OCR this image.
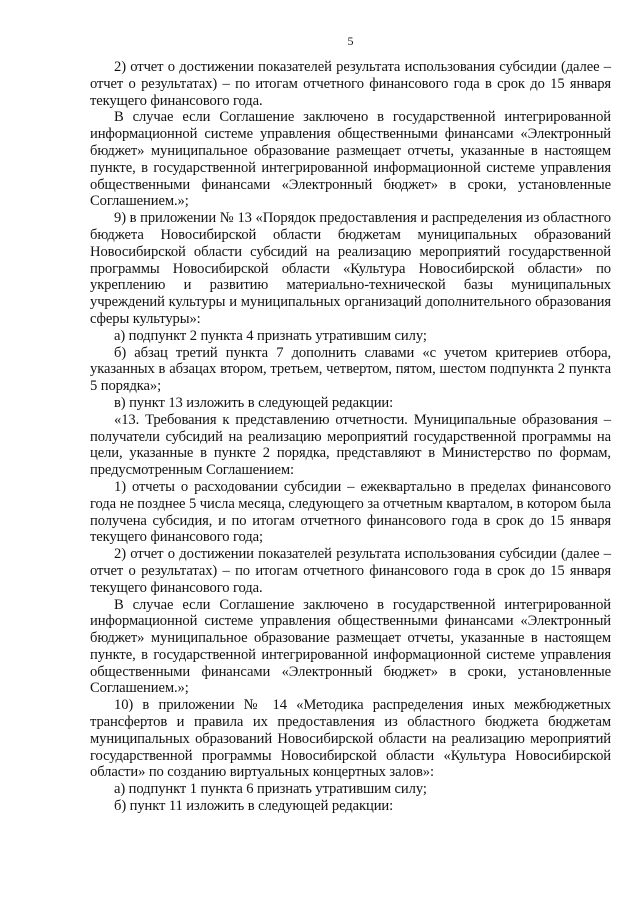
5

2) отчет о достижении показателей результата использования субсидии (далее – отчет о результатах) – по итогам отчетного финансового года в срок до 15 января текущего финансового года.

В случае если Соглашение заключено в государственной интегрированной информационной системе управления общественными финансами «Электронный бюджет» муниципальное образование размещает отчеты, указанные в настоящем пункте, в государственной интегрированной информационной системе управления общественными финансами «Электронный бюджет» в сроки, установленные Соглашением.»;

9) в приложении № 13 «Порядок предоставления и распределения из областного бюджета Новосибирской области бюджетам муниципальных образований Новосибирской области субсидий на реализацию мероприятий государственной программы Новосибирской области «Культура Новосибирской области» по укреплению и развитию материально-технической базы муниципальных учреждений культуры и муниципальных организаций дополнительного образования сферы культуры»:

а) подпункт 2 пункта 4 признать утратившим силу;

б) абзац третий пункта 7 дополнить славами «с учетом критериев отбора, указанных в абзацах втором, третьем, четвертом, пятом, шестом подпункта 2 пункта 5 порядка»;

в) пункт 13 изложить в следующей редакции:

«13. Требования к представлению отчетности. Муниципальные образования – получатели субсидий на реализацию мероприятий государственной программы на цели, указанные в пункте 2 порядка, представляют в Министерство по формам, предусмотренным Соглашением:

1) отчеты о расходовании субсидии – ежеквартально в пределах финансового года не позднее 5 числа месяца, следующего за отчетным кварталом, в котором была получена субсидия, и по итогам отчетного финансового года в срок до 15 января текущего финансового года;

2) отчет о достижении показателей результата использования субсидии (далее – отчет о результатах) – по итогам отчетного финансового года в срок до 15 января текущего финансового года.

В случае если Соглашение заключено в государственной интегрированной информационной системе управления общественными финансами «Электронный бюджет» муниципальное образование размещает отчеты, указанные в настоящем пункте, в государственной интегрированной информационной системе управления общественными финансами «Электронный бюджет» в сроки, установленные Соглашением.»;

10) в приложении № 14 «Методика распределения иных межбюджетных трансфертов и правила их предоставления из областного бюджета бюджетам муниципальных образований Новосибирской области на реализацию мероприятий государственной программы Новосибирской области «Культура Новосибирской области» по созданию виртуальных концертных залов»:

а) подпункт 1 пункта 6 признать утратившим силу;

б) пункт 11 изложить в следующей редакции:
